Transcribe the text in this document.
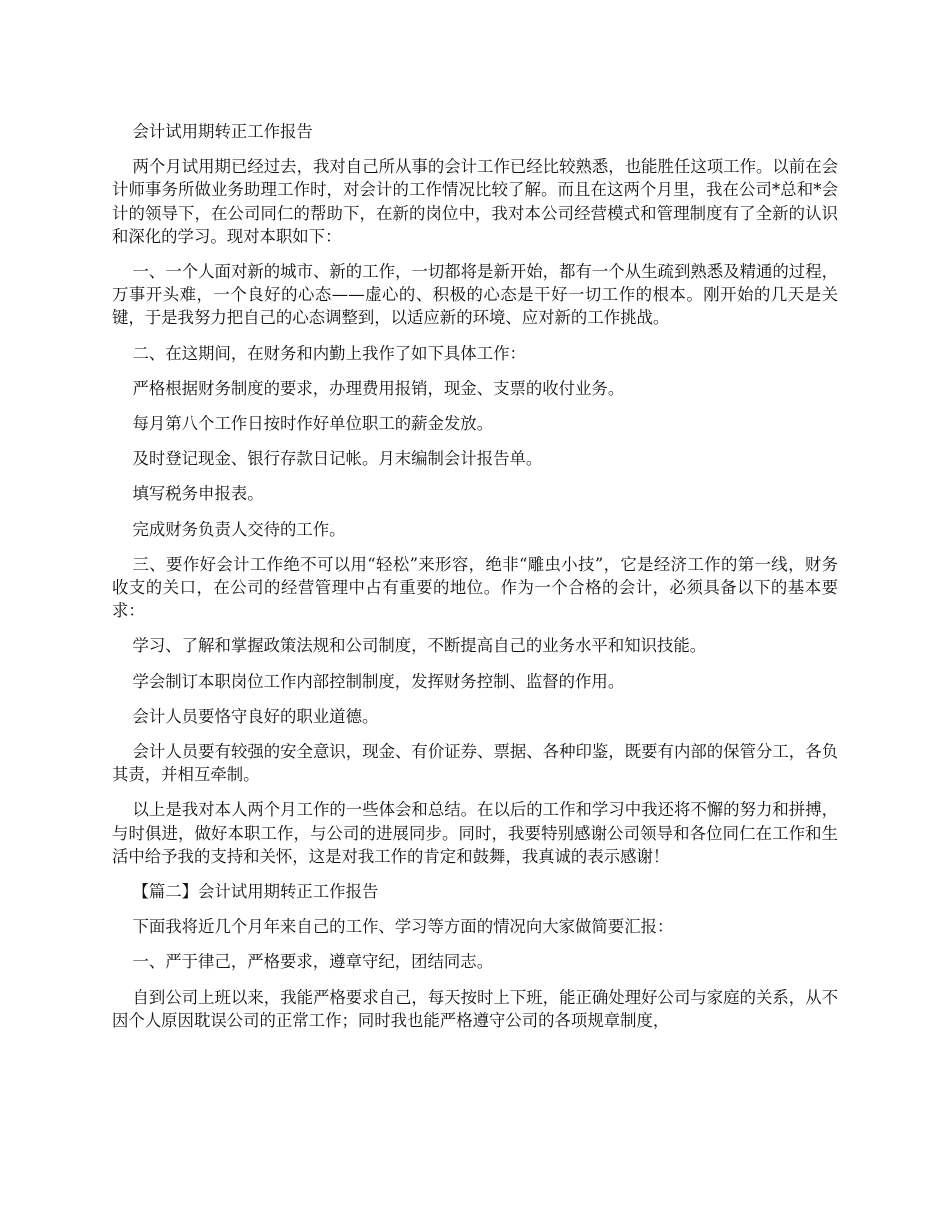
会计试用期转正工作报告

两个月试用期已经过去，我对自己所从事的会计工作已经比较熟悉，也能胜任这项工作。以前在会计师事务所做业务助理工作时，对会计的工作情况比较了解。而且在这两个月里，我在公司*总和*会计的领导下，在公司同仁的帮助下，在新的岗位中，我对本公司经营模式和管理制度有了全新的认识和深化的学习。现对本职如下：

一、一个人面对新的城市、新的工作，一切都将是新开始，都有一个从生疏到熟悉及精通的过程，万事开头难，一个良好的心态——虚心的、积极的心态是干好一切工作的根本。刚开始的几天是关键，于是我努力把自己的心态调整到，以适应新的环境、应对新的工作挑战。

二、在这期间，在财务和内勤上我作了如下具体工作：

严格根据财务制度的要求，办理费用报销，现金、支票的收付业务。

每月第八个工作日按时作好单位职工的薪金发放。

及时登记现金、银行存款日记帐。月末编制会计报告单。

填写税务申报表。

完成财务负责人交待的工作。

三、要作好会计工作绝不可以用“轻松”来形容，绝非“雕虫小技”，它是经济工作的第一线，财务收支的关口，在公司的经营管理中占有重要的地位。作为一个合格的会计，必须具备以下的基本要求：

学习、了解和掌握政策法规和公司制度，不断提高自己的业务水平和知识技能。

学会制订本职岗位工作内部控制制度，发挥财务控制、监督的作用。

会计人员要恪守良好的职业道德。

会计人员要有较强的安全意识，现金、有价证券、票据、各种印鉴，既要有内部的保管分工，各负其责，并相互牵制。

以上是我对本人两个月工作的一些体会和总结。在以后的工作和学习中我还将不懈的努力和拼搏，与时俱进，做好本职工作，与公司的进展同步。同时，我要特别感谢公司领导和各位同仁在工作和生活中给予我的支持和关怀，这是对我工作的肯定和鼓舞，我真诚的表示感谢！

【篇二】会计试用期转正工作报告

下面我将近几个月年来自己的工作、学习等方面的情况向大家做简要汇报：

一、严于律己，严格要求，遵章守纪，团结同志。

自到公司上班以来，我能严格要求自己，每天按时上下班，能正确处理好公司与家庭的关系，从不因个人原因耽误公司的正常工作；同时我也能严格遵守公司的各项规章制度，
